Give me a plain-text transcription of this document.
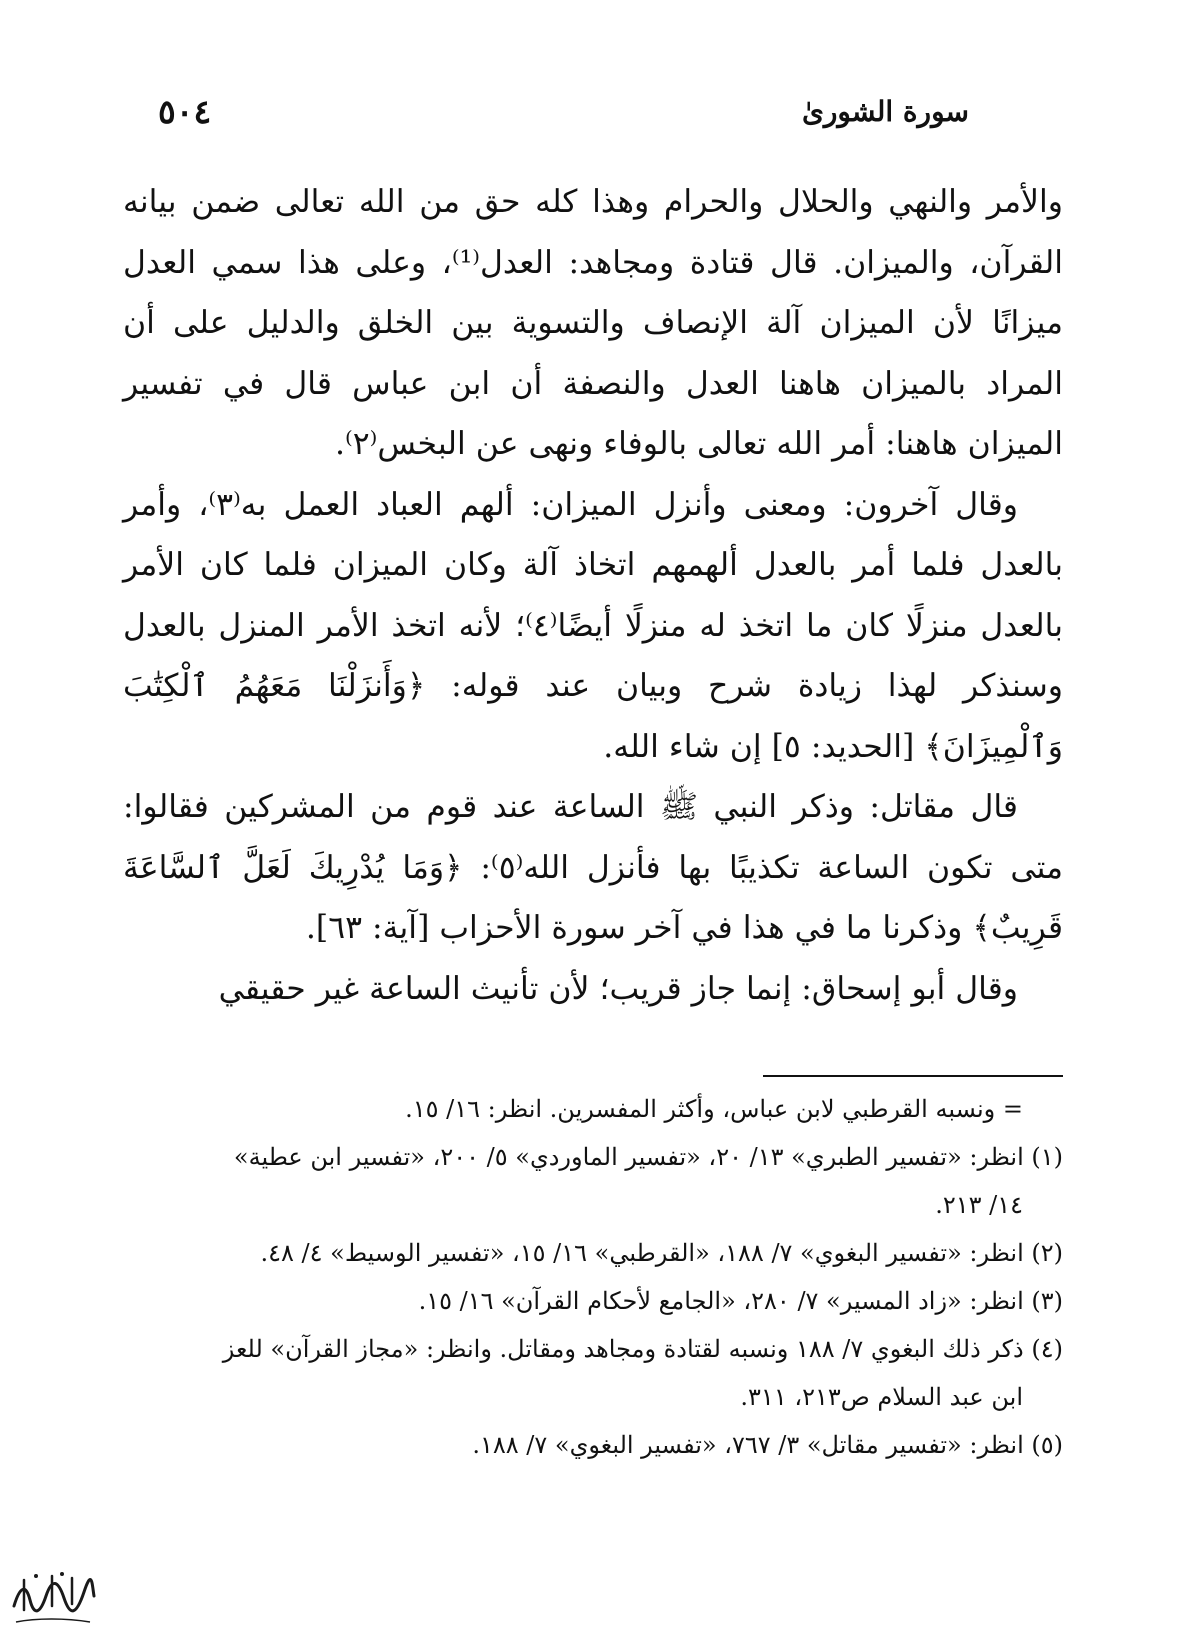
سورة الشورىٰ
٥٠٤

والأمر والنهي والحلال والحرام وهذا كله حق من الله تعالى ضمن بيانه القرآن، والميزان. قال قتادة ومجاهد: العدل⁽¹⁾، وعلى هذا سمي العدل ميزانًا لأن الميزان آلة الإنصاف والتسوية بين الخلق والدليل على أن المراد بالميزان هاهنا العدل والنصفة أن ابن عباس قال في تفسير الميزان هاهنا: أمر الله تعالى بالوفاء ونهى عن البخس⁽٢⁾.

وقال آخرون: ومعنى وأنزل الميزان: ألهم العباد العمل به⁽٣⁾، وأمر بالعدل فلما أمر بالعدل ألهمهم اتخاذ آلة وكان الميزان فلما كان الأمر بالعدل منزلًا كان ما اتخذ له منزلًا أيضًا⁽٤⁾؛ لأنه اتخذ الأمر المنزل بالعدل وسنذكر لهذا زيادة شرح وبيان عند قوله: ﴿وَأَنزَلْنَا مَعَهُمُ ٱلْكِتَٰبَ وَٱلْمِيزَانَ﴾ [الحديد: ٥] إن شاء الله.

قال مقاتل: وذكر النبي ﷺ الساعة عند قوم من المشركين فقالوا: متى تكون الساعة تكذيبًا بها فأنزل الله⁽٥⁾: ﴿وَمَا يُدْرِيكَ لَعَلَّ ٱلسَّاعَةَ قَرِيبٌ﴾ وذكرنا ما في هذا في آخر سورة الأحزاب [آية: ٦٣].

وقال أبو إسحاق: إنما جاز قريب؛ لأن تأنيث الساعة غير حقيقي

= ونسبه القرطبي لابن عباس، وأكثر المفسرين. انظر: ١٦/ ١٥.

(١) انظر: «تفسير الطبري» ١٣/ ٢٠، «تفسير الماوردي» ٥/ ٢٠٠، «تفسير ابن عطية»
١٤/ ٢١٣.

(٢) انظر: «تفسير البغوي» ٧/ ١٨٨، «القرطبي» ١٦/ ١٥، «تفسير الوسيط» ٤/ ٤٨.

(٣) انظر: «زاد المسير» ٧/ ٢٨٠، «الجامع لأحكام القرآن» ١٦/ ١٥.

(٤) ذكر ذلك البغوي ٧/ ١٨٨ ونسبه لقتادة ومجاهد ومقاتل. وانظر: «مجاز القرآن» للعز
ابن عبد السلام ص٢١٣، ٣١١.

(٥) انظر: «تفسير مقاتل» ٣/ ٧٦٧، «تفسير البغوي» ٧/ ١٨٨.
